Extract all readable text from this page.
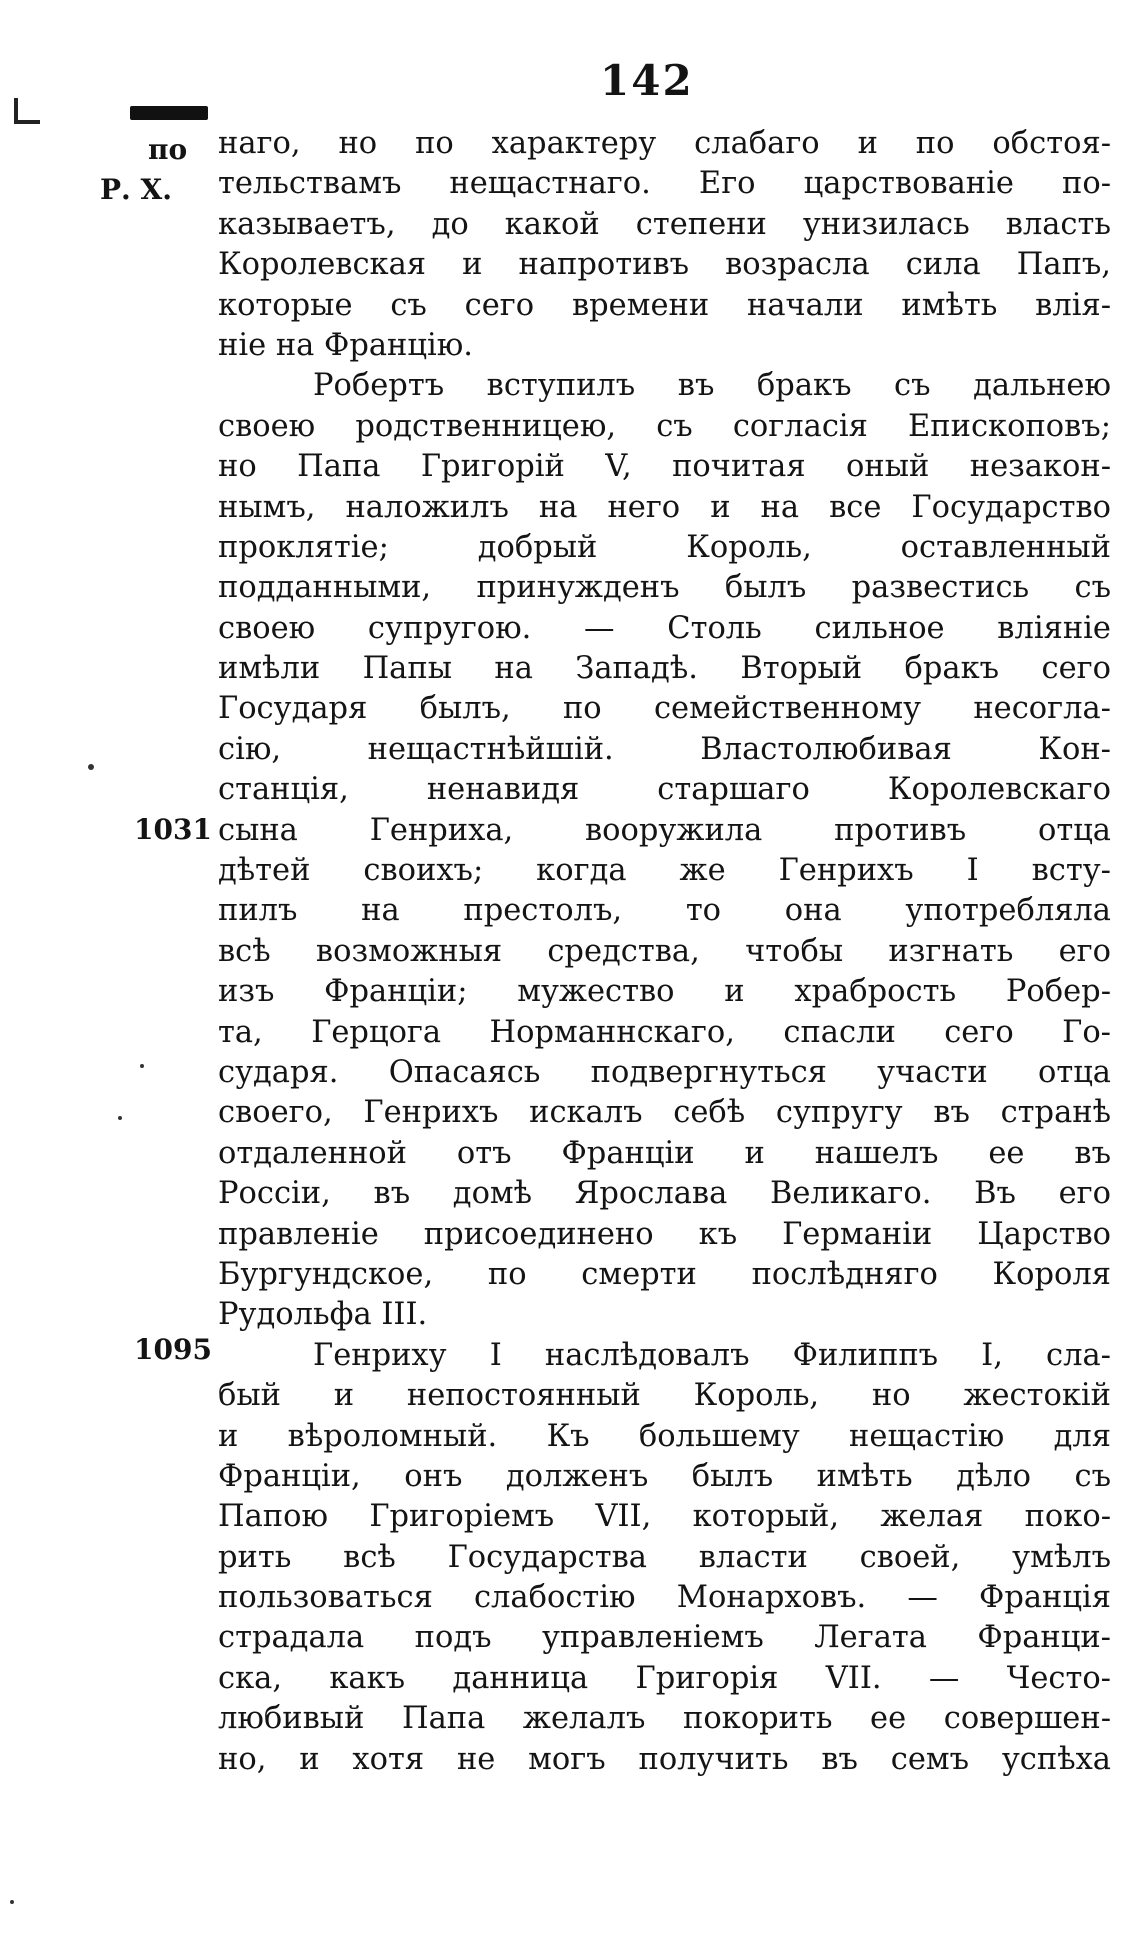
142
по
Р. Х.
1031
1095
наго, но по характеру слабаго и по обстоя-
тельствамъ нещастнаго. Его царствованіе по-
казываетъ, до какой степени унизилась власть
Королевская и напротивъ возрасла сила Папъ,
которые съ сего времени начали имѣть влія-
ніе на Францію.
Робертъ вступилъ въ бракъ съ дальнею
своею родственницею, съ согласія Епископовъ;
но Папа Григорій V, почитая оный незакон-
нымъ, наложилъ на него и на все Государство
проклятіе; добрый Король, оставленный
подданными, принужденъ былъ развестись съ
своею супругою. — Столь сильное вліяніе
имѣли Папы на Западѣ. Вторый бракъ сего
Государя былъ, по семейственному несогла-
сію, нещастнѣйшій. Властолюбивая Кон-
станція, ненавидя старшаго Королевскаго
сына Генриха, вооружила противъ отца
дѣтей своихъ; когда же Генрихъ I всту-
пилъ на престолъ, то она употребляла
всѣ возможныя средства, чтобы изгнать его
изъ Франціи; мужество и храбрость Робер-
та, Герцога Норманнскаго, спасли сего Го-
сударя. Опасаясь подвергнуться участи отца
своего, Генрихъ искалъ себѣ супругу въ странѣ
отдаленной отъ Франціи и нашелъ ее въ
Россіи, въ домѣ Ярослава Великаго. Въ его
правленіе присоединено къ Германіи Царство
Бургундское, по смерти послѣдняго Короля
Рудольфа III.
Генриху I наслѣдовалъ Филиппъ I, сла-
бый и непостоянный Король, но жестокій
и вѣроломный. Къ большему нещастію для
Франціи, онъ долженъ былъ имѣть дѣло съ
Папою Григоріемъ VII, который, желая поко-
рить всѣ Государства власти своей, умѣлъ
пользоваться слабостію Монарховъ. — Франція
страдала подъ управленіемъ Легата Франци-
ска, какъ данница Григорія VII. — Често-
любивый Папа желалъ покорить ее совершен-
но, и хотя не могъ получить въ семъ успѣха
